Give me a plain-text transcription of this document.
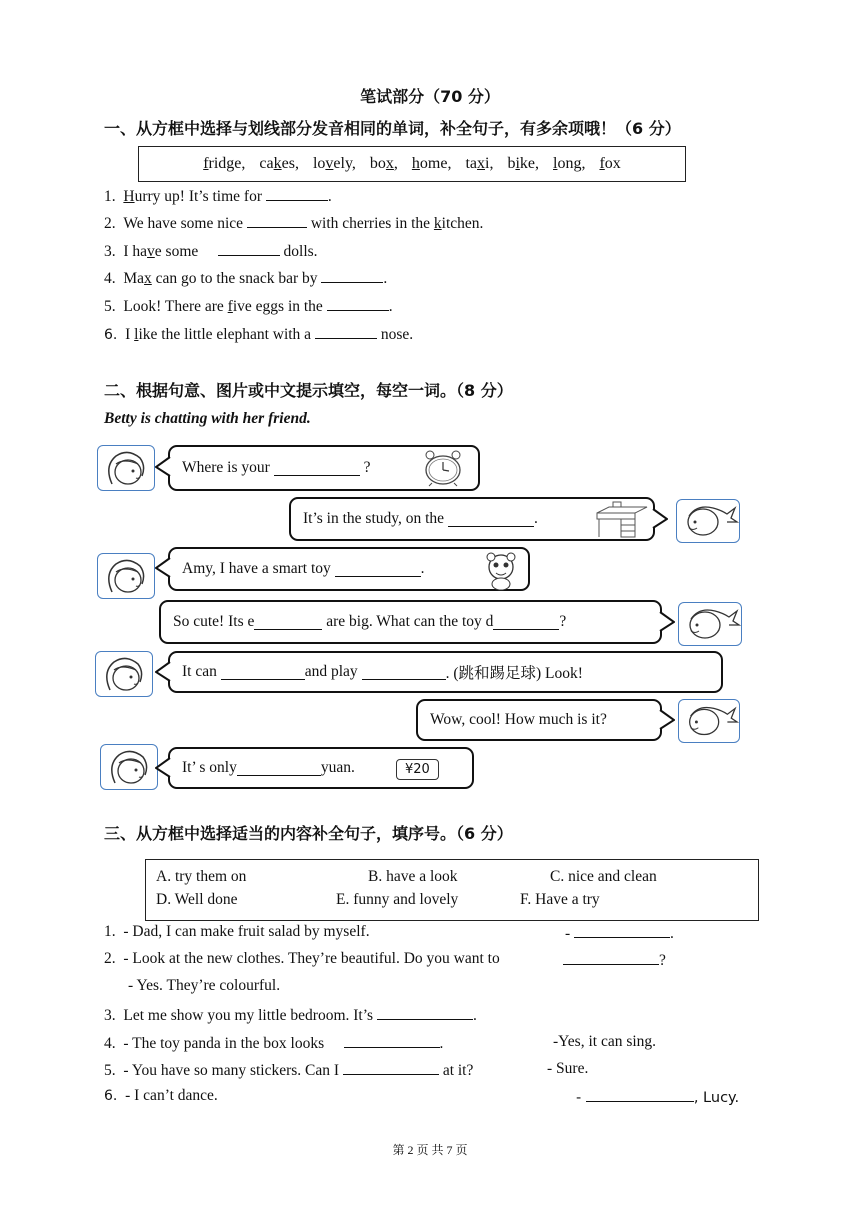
笔试部分（70 分）
一、从方框中选择与划线部分发音相同的单词，补全句子，有多余项哦！（6 分）
fridge, cakes, lovely, box, home, taxi, bike, long, fox
1. Hurry up! It’s time for	.
2. We have some nice	with cherries in the kitchen.
3. I have some	dolls.
4. Max can go to the snack bar by	.
5. Look! There are five eggs in the	.
6. I like the little elephant with a	nose.
二、根据句意、图片或中文提示填空，每空一词。（8 分）
Betty is chatting with her friend.
Where is your

	?
It’s in the study, on the
	.
Amy, I have a smart toy
	.
So cute! Its e
	are big. What can the toy d	?
It can
	and play
	. (跳和踢足球) Look!
Wow, cool! How much is it?
It’ s only	yuan.	¥20
三、从方框中选择适当的内容补全句子，填序号。（6 分）
A. try them on	B. have a look	C. nice and clean
D. Well done	E. funny and lovely	F. Have a try
1. - Dad, I can make fruit salad by myself.	-	.
2. - Look at the new clothes. They’re beautiful. Do you want to	?
- Yes. They’re colourful.
3. Let me show you my little bedroom. It’s	.
4. - The toy panda in the box looks	.	-Yes, it can sing.
5. - You have so many stickers. Can I	at it?	- Sure.
6. - I can’t dance.	-	, Lucy.
第 2 页 共 7 页
